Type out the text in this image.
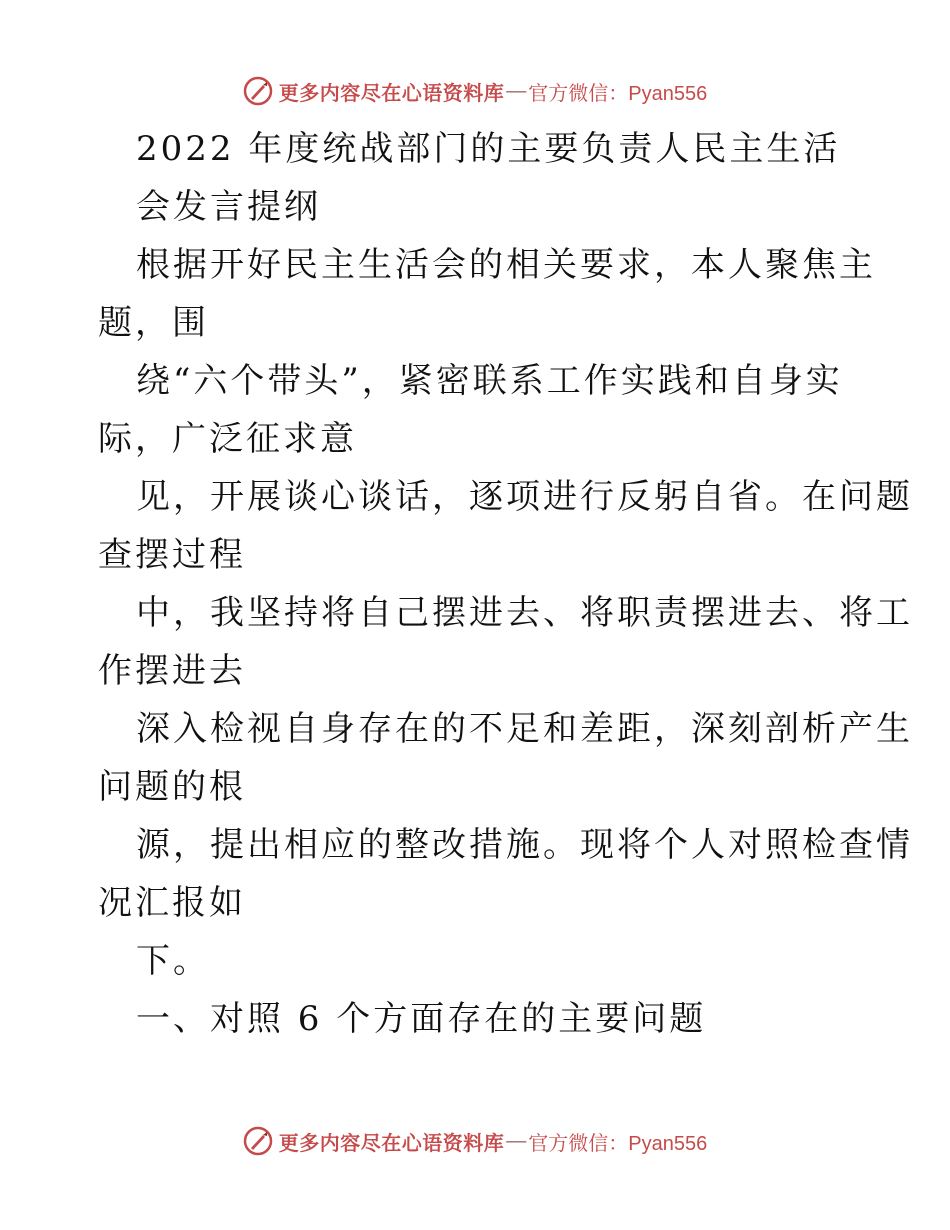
更多内容尽在心语资料库 — 官方微信：Pyan556
2022 年度统战部门的主要负责人民主生活
会发言提纲
根据开好民主生活会的相关要求，本人聚焦主
题，围
绕“六个带头”，紧密联系工作实践和自身实
际，广泛征求意
见，开展谈心谈话，逐项进行反躬自省。在问题
查摆过程
中，我坚持将自己摆进去、将职责摆进去、将工
作摆进去
深入检视自身存在的不足和差距，深刻剖析产生
问题的根
源，提出相应的整改措施。现将个人对照检查情
况汇报如
下。
一、对照 6 个方面存在的主要问题
更多内容尽在心语资料库 — 官方微信：Pyan556
